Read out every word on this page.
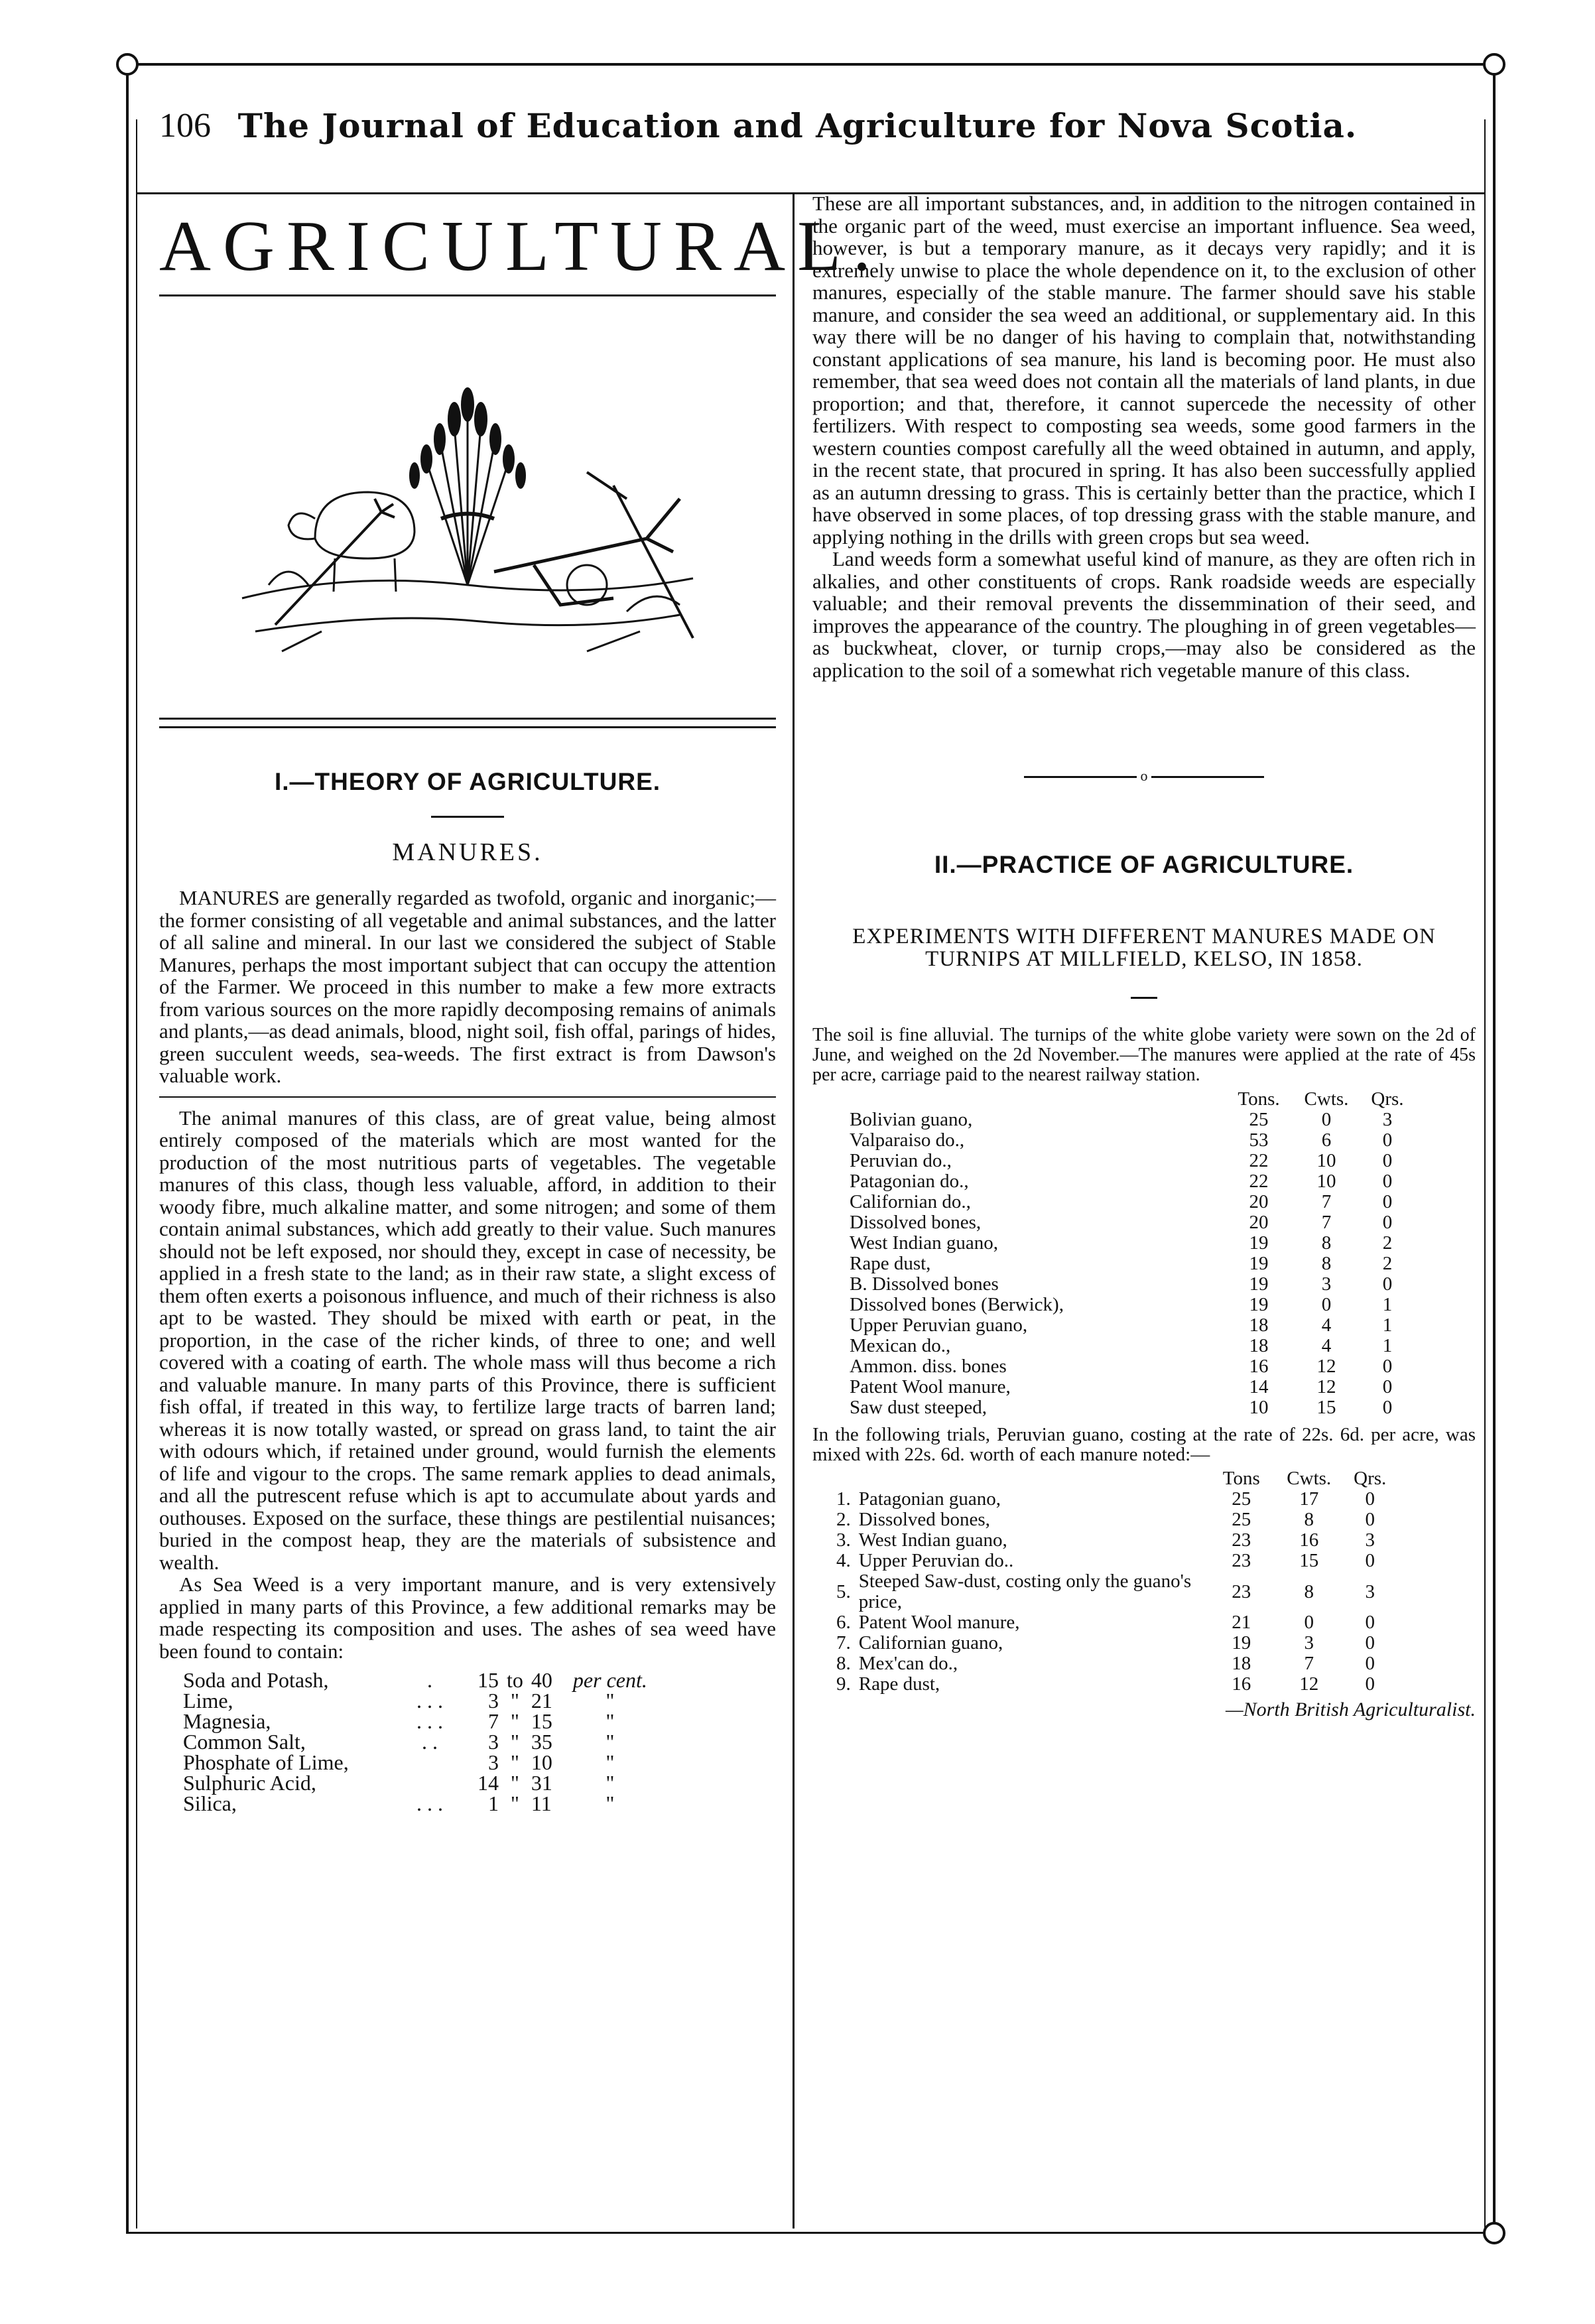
106 The Journal of Education and Agriculture for Nova Scotia.
AGRICULTURAL.
I.—THEORY OF AGRICULTURE.
MANURES.

MANURES are generally regarded as twofold, organic and inorganic;—the former consisting of all vegetable and animal substances, and the latter of all saline and mineral. In our last we considered the subject of Stable Manures, perhaps the most important subject that can occupy the attention of the Farmer. We proceed in this number to make a few more extracts from various sources on the more rapidly decomposing remains of animals and plants,—as dead animals, blood, night soil, fish offal, parings of hides, green succulent weeds, sea-weeds. The first extract is from Dawson's valuable work.

The animal manures of this class, are of great value, being almost entirely composed of the materials which are most wanted for the production of the most nutritious parts of vegetables. The vegetable manures of this class, though less valuable, afford, in addition to their woody fibre, much alkaline matter, and some nitrogen; and some of them contain animal substances, which add greatly to their value. Such manures should not be left exposed, nor should they, except in case of necessity, be applied in a fresh state to the land; as in their raw state, a slight excess of them often exerts a poisonous influence, and much of their richness is also apt to be wasted. They should be mixed with earth or peat, in the proportion, in the case of the richer kinds, of three to one; and well covered with a coating of earth. The whole mass will thus become a rich and valuable manure. In many parts of this Province, there is sufficient fish offal, if treated in this way, to fertilize large tracts of barren land; whereas it is now totally wasted, or spread on grass land, to taint the air with odours which, if retained under ground, would furnish the elements of life and vigour to the crops. The same remark applies to dead animals, and all the putrescent refuse which is apt to accumulate about yards and outhouses. Exposed on the surface, these things are pestilential nuisances; buried in the compost heap, they are the materials of subsistence and wealth.

As Sea Weed is a very important manure, and is very extensively applied in many parts of this Province, a few additional remarks may be made respecting its composition and uses. The ashes of sea weed have been found to contain:

Soda and Potash,	.	15	to	40	per cent.
Lime,	. . .	3	"	21	"
Magnesia,	. . .	7	"	15	"
Common Salt,	. .	3	"	35	"
Phosphate of Lime,		3	"	10	"
Sulphuric Acid,		14	"	31	"
Silica,	. . .	1	"	11	"

These are all important substances, and, in addition to the nitrogen contained in the organic part of the weed, must exercise an important influence. Sea weed, however, is but a temporary manure, as it decays very rapidly; and it is extremely unwise to place the whole dependence on it, to the exclusion of other manures, especially of the stable manure. The farmer should save his stable manure, and consider the sea weed an additional, or supplementary aid. In this way there will be no danger of his having to complain that, notwithstanding constant applications of sea manure, his land is becoming poor. He must also remember, that sea weed does not contain all the materials of land plants, in due proportion; and that, therefore, it cannot supercede the necessity of other fertilizers. With respect to composting sea weeds, some good farmers in the western counties compost carefully all the weed obtained in autumn, and apply, in the recent state, that procured in spring. It has also been successfully applied as an autumn dressing to grass. This is certainly better than the practice, which I have observed in some places, of top dressing grass with the stable manure, and applying nothing in the drills with green crops but sea weed.

Land weeds form a somewhat useful kind of manure, as they are often rich in alkalies, and other constituents of crops. Rank roadside weeds are especially valuable; and their removal prevents the dissemmination of their seed, and improves the appearance of the country. The ploughing in of green vegetables—as buckwheat, clover, or turnip crops,—may also be considered as the application to the soil of a somewhat rich vegetable manure of this class.

o
II.—PRACTICE OF AGRICULTURE.
EXPERIMENTS WITH DIFFERENT MANURES MADE ON TURNIPS AT MILLFIELD, KELSO, IN 1858.

The soil is fine alluvial. The turnips of the white globe variety were sown on the 2d of June, and weighed on the 2d November.—The manures were applied at the rate of 45s per acre, carriage paid to the nearest railway station.

	Tons.	Cwts.	Qrs.
Bolivian guano,	25	0	3
Valparaiso do.,	53	6	0
Peruvian do.,	22	10	0
Patagonian do.,	22	10	0
Californian do.,	20	7	0
Dissolved bones,	20	7	0
West Indian guano,	19	8	2
Rape dust,	19	8	2
B. Dissolved bones	19	3	0
Dissolved bones (Berwick),	19	0	1
Upper Peruvian guano,	18	4	1
Mexican do.,	18	4	1
Ammon. diss. bones	16	12	0
Patent Wool manure,	14	12	0
Saw dust steeped,	10	15	0

In the following trials, Peruvian guano, costing at the rate of 22s. 6d. per acre, was mixed with 22s. 6d. worth of each manure noted:—

		Tons	Cwts.	Qrs.
1.	Patagonian guano,	25	17	0
2.	Dissolved bones,	25	8	0
3.	West Indian guano,	23	16	3
4.	Upper Peruvian do..	23	15	0
5.	Steeped Saw-dust, costing only the guano's price,	23	8	3
6.	Patent Wool manure,	21	0	0
7.	Californian guano,	19	3	0
8.	Mex'can do.,	18	7	0
9.	Rape dust,	16	12	0
—North British Agriculturalist.
